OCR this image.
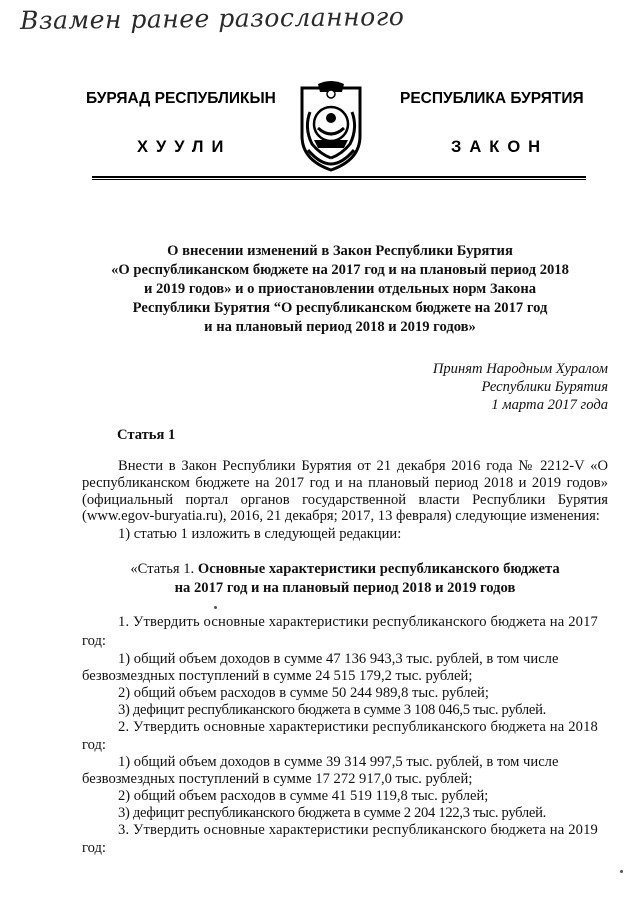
Взамен ранее разосланного
БУРЯАД РЕСПУБЛИКЫН
ХУУЛИ
РЕСПУБЛИКА БУРЯТИЯ
ЗАКОН
О внесении изменений в Закон Республики Бурятия
«О республиканском бюджете на 2017 год и на плановый период 2018
и 2019 годов» и о приостановлении отдельных норм Закона
Республики Бурятия “О республиканском бюджете на 2017 год
и на плановый период 2018 и 2019 годов»
Принят Народным Хуралом
Республики Бурятия
1 марта 2017 года
Статья 1
Внести в Закон Республики Бурятия от 21 декабря 2016 года № 2212-V «О республиканском бюджете на 2017 год и на плановый период 2018 и 2019 годов» (официальный портал органов государственной власти Республики Бурятия (www.egov-buryatia.ru), 2016, 21 декабря; 2017, 13 февраля) следующие изменения:
1) статью 1 изложить в следующей редакции:
«Статья 1. Основные характеристики республиканского бюджета
на 2017 год и на плановый период 2018 и 2019 годов
1. Утвердить основные характеристики республиканского бюджета на 2017
год:
1) общий объем доходов в сумме 47 136 943,3 тыс. рублей, в том числе
безвозмездных поступлений в сумме 24 515 179,2 тыс. рублей;
2) общий объем расходов в сумме 50 244 989,8 тыс. рублей;
3) дефицит республиканского бюджета в сумме 3 108 046,5 тыс. рублей.
2. Утвердить основные характеристики республиканского бюджета на 2018
год:
1) общий объем доходов в сумме 39 314 997,5 тыс. рублей, в том числе
безвозмездных поступлений в сумме 17 272 917,0 тыс. рублей;
2) общий объем расходов в сумме 41 519 119,8 тыс. рублей;
3) дефицит республиканского бюджета в сумме 2 204 122,3 тыс. рублей.
3. Утвердить основные характеристики республиканского бюджета на 2019
год:
